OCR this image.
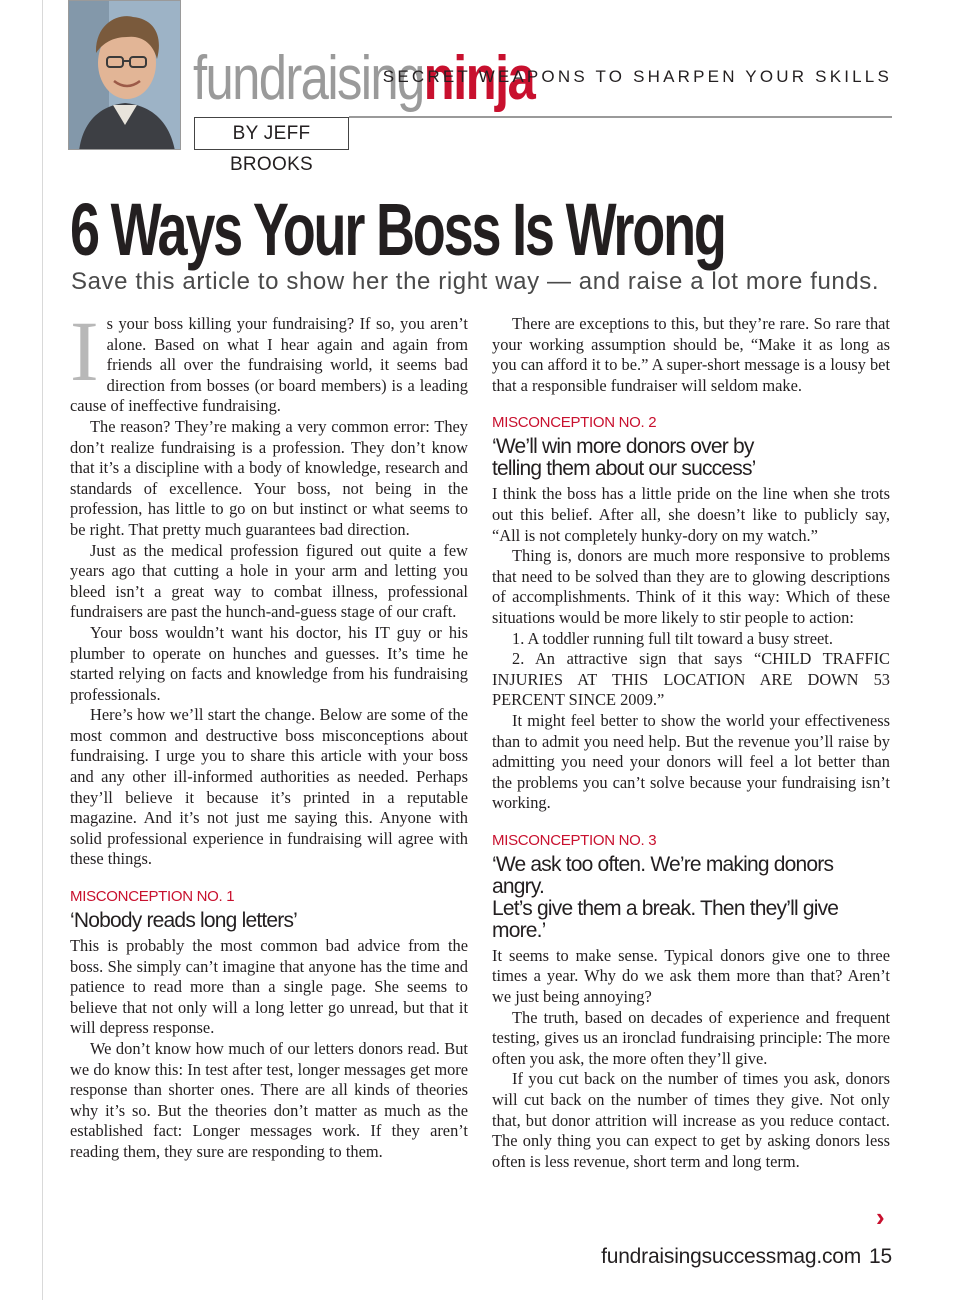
fundraisingninja
SECRET WEAPONS TO SHARPEN YOUR SKILLS
BY JEFF BROOKS
6 Ways Your Boss Is Wrong
Save this article to show her the right way — and raise a lot more funds.

Is your boss killing your fundraising? If so, you aren’t alone. Based on what I hear again and again from friends all over the fundraising world, it seems bad direction from bosses (or board members) is a leading cause of ineffective fundraising.

The reason? They’re making a very common error: They don’t realize fundraising is a profession. They don’t know that it’s a discipline with a body of knowledge, research and standards of excellence. Your boss, not being in the profession, has little to go on but instinct or what seems to be right. That pretty much guarantees bad direction.

Just as the medical profession figured out quite a few years ago that cutting a hole in your arm and letting you bleed isn’t a great way to combat illness, professional fundraisers are past the hunch-and-guess stage of our craft.

Your boss wouldn’t want his doctor, his IT guy or his plumber to operate on hunches and guesses. It’s time he started relying on facts and knowledge from his fundraising professionals.

Here’s how we’ll start the change. Below are some of the most common and destructive boss misconceptions about fundraising. I urge you to share this article with your boss and any other ill-informed authorities as needed. Perhaps they’ll believe it because it’s printed in a reputable magazine. And it’s not just me saying this. Anyone with solid professional experience in fundraising will agree with these things.

MISCONCEPTION NO. 1
‘Nobody reads long letters’

This is probably the most common bad advice from the boss. She simply can’t imagine that anyone has the time and patience to read more than a single page. She seems to believe that not only will a long letter go unread, but that it will depress response.

We don’t know how much of our letters donors read. But we do know this: In test after test, longer messages get more response than shorter ones. There are all kinds of theories why it’s so. But the theories don’t matter as much as the established fact: Longer messages work. If they aren’t reading them, they sure are responding to them.

There are exceptions to this, but they’re rare. So rare that your working assumption should be, “Make it as long as you can afford it to be.” A super-short message is a lousy bet that a responsible fundraiser will seldom make.

MISCONCEPTION NO. 2
‘We’ll win more donors over by
telling them about our success’

I think the boss has a little pride on the line when she trots out this belief. After all, she doesn’t like to publicly say, “All is not completely hunky-dory on my watch.”

Thing is, donors are much more responsive to problems that need to be solved than they are to glowing descriptions of accomplishments. Think of it this way: Which of these situations would be more likely to stir people to action:

1. A toddler running full tilt toward a busy street.

2. An attractive sign that says “CHILD TRAFFIC INJURIES AT THIS LOCATION ARE DOWN 53 PERCENT SINCE 2009.”

It might feel better to show the world your effectiveness than to admit you need help. But the revenue you’ll raise by admitting you need your donors will feel a lot better than the problems you can’t solve because your fundraising isn’t working.

MISCONCEPTION NO. 3
‘We ask too often. We’re making donors angry.
Let’s give them a break. Then they’ll give more.’

It seems to make sense. Typical donors give one to three times a year. Why do we ask them more than that? Aren’t we just being annoying?

The truth, based on decades of experience and frequent testing, gives us an ironclad fundraising principle: The more often you ask, the more often they’ll give.

If you cut back on the number of times you ask, donors will cut back on the number of times they give. Not only that, but donor attrition will increase as you reduce contact. The only thing you can expect to get by asking donors less often is less revenue, short term and long term.

›
fundraisingsuccessmag.com 15
